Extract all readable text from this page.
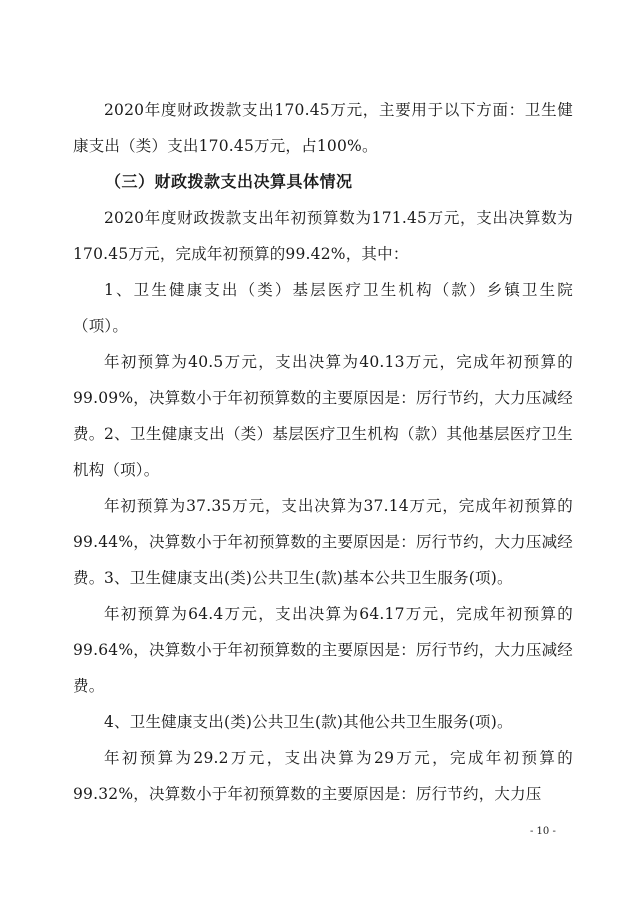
2020年度财政拨款支出170.45万元，主要用于以下方面：卫生健康支出（类）支出170.45万元，占100%。

（三）财政拨款支出决算具体情况

2020年度财政拨款支出年初预算数为171.45万元，支出决算数为170.45万元，完成年初预算的99.42%，其中：

1、卫生健康支出（类）基层医疗卫生机构（款）乡镇卫生院（项）。

年初预算为40.5万元，支出决算为40.13万元，完成年初预算的99.09%，决算数小于年初预算数的主要原因是：厉行节约，大力压减经费。 2、卫生健康支出（类）基层医疗卫生机构（款）其他基层医疗卫生机构（项）。

年初预算为37.35万元，支出决算为37.14万元，完成年初预算的99.44%，决算数小于年初预算数的主要原因是：厉行节约，大力压减经费。 3、卫生健康支出(类)公共卫生(款)基本公共卫生服务(项)。

年初预算为64.4万元，支出决算为64.17万元，完成年初预算的99.64%，决算数小于年初预算数的主要原因是：厉行节约，大力压减经费。

4、卫生健康支出(类)公共卫生(款)其他公共卫生服务(项)。

年初预算为29.2万元，支出决算为29万元，完成年初预算的99.32%，决算数小于年初预算数的主要原因是：厉行节约，大力压

- 10 -
